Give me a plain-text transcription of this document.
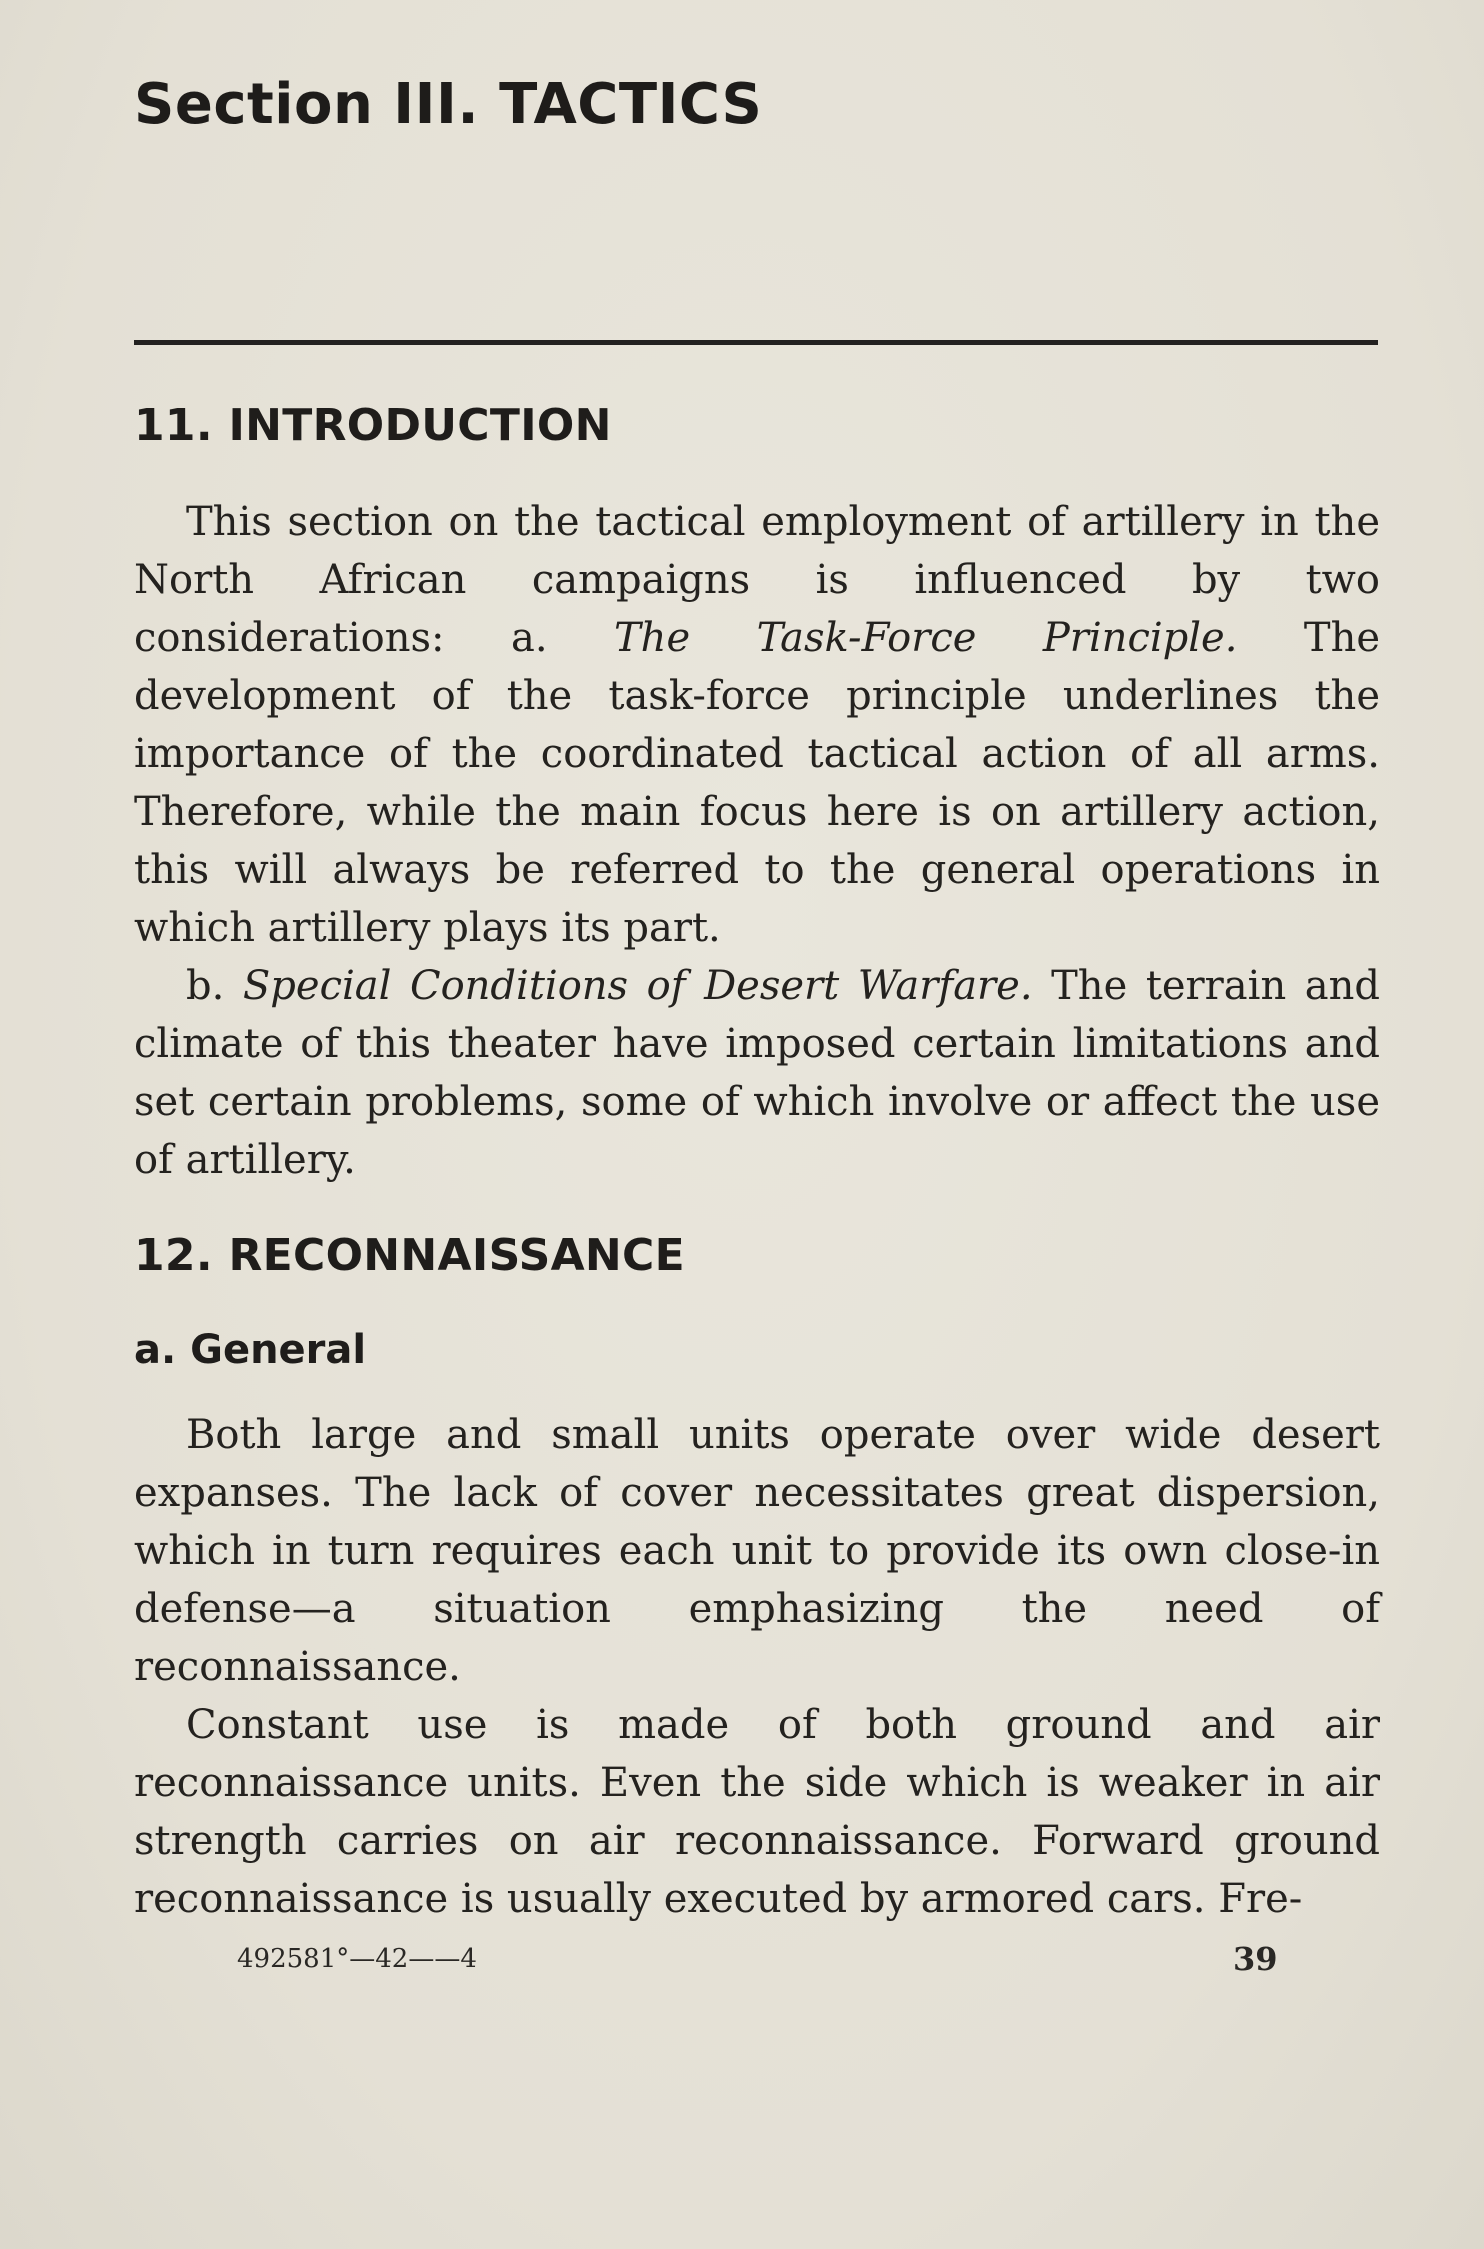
Section III. TACTICS
11. INTRODUCTION

This section on the tactical employment of artillery in the North African campaigns is influenced by two considerations: a. The Task-Force Principle. The development of the task-force principle underlines the importance of the coordinated tactical action of all arms. Therefore, while the main focus here is on artillery action, this will always be referred to the general operations in which artillery plays its part.

b. Special Conditions of Desert Warfare. The terrain and climate of this theater have imposed certain limitations and set certain problems, some of which involve or affect the use of artillery.

12. RECONNAISSANCE
a. General

Both large and small units operate over wide desert expanses. The lack of cover necessitates great dispersion, which in turn requires each unit to provide its own close-in defense—a situation emphasizing the need of reconnaissance.

Constant use is made of both ground and air reconnaissance units. Even the side which is weaker in air strength carries on air reconnaissance. Forward ground reconnaissance is usually executed by armored cars. Fre-

492581°—42——4	39
